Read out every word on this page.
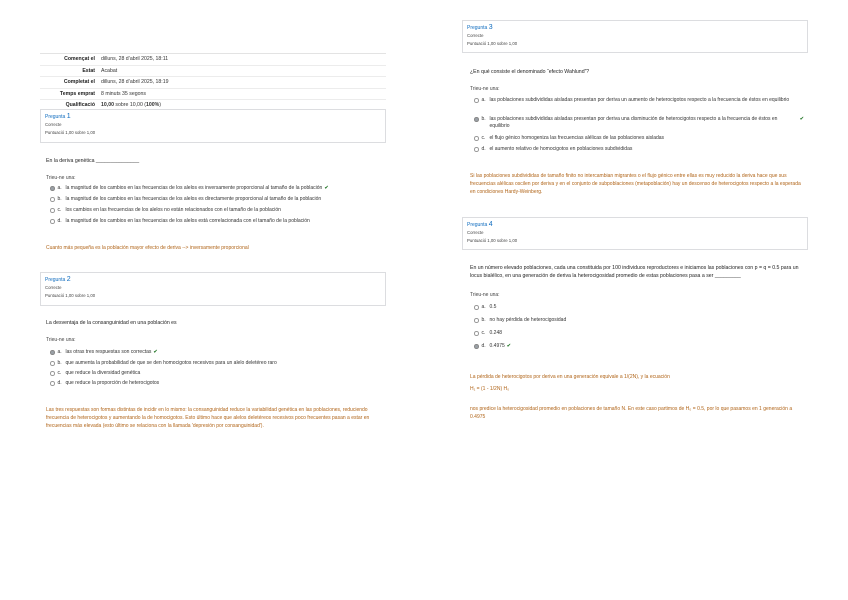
Començat el	dilluns, 28 d’abril 2025, 18:11
Estat	Acabat
Completat el	dilluns, 28 d’abril 2025, 18:19
Temps emprat	8 minuts 35 segons
Qualificació	10,00 sobre 10,00 (100%)
Pregunta 1
Correcte
Puntuació 1,00 sobre 1,00
En la deriva genètica _______________
Trieu-ne una:
a. la magnitud de los cambios en las frecuencias de los alelos es inversamente proporcional al tamaño de la población ✔
b. la magnitud de los cambios en las frecuencias de los alelos es directamente proporcional al tamaño de la población
c. los cambios en las frecuencias de los alelos no están relacionados con el tamaño de la población
d. la magnitud de los cambios en las frecuencias de los alelos está correlacionada con el tamaño de la población
Cuanto más pequeña es la población mayor efecto de deriva --> inversamente proporcional
Pregunta 2
Correcte
Puntuació 1,00 sobre 1,00
La desventaja de la consanguinidad en una población es
Trieu-ne una:
a. las otras tres respuestas son correctas ✔
b. que aumenta la probabilidad de que se den homocigotos recesivos para un alelo deletéreo raro
c. que reduce la diversidad genética
d. que reduce la proporción de heterocigotos
Las tres respuestas son formas distintas de incidir en lo mismo: la consanguinidad reduce la variabilidad genética en las poblaciones, reduciendo frecuencia de heterocigotos y aumentando la de homocigotos. Esto último hace que alelos deletéreos recesivos poco frecuentes pasan a estar en frecuencias más elevada (esto último se relaciona con la llamada 'depresión por consanguinidad').
Pregunta 3
Correcte
Puntuació 1,00 sobre 1,00
¿En qué consiste el denominado “efecto Wahlund”?
Trieu-ne una:
a. las poblaciones subdivididas aisladas presentan por deriva un aumento de heterocigotos respecto a la frecuencia de éstos en equilibrio
b. las poblaciones subdivididas aisladas presentan por deriva una disminución de heterocigotos respecto a la frecuencia de éstos en equilibrio
✔
c. el flujo génico homogeniza las frecuencias alélicas de las poblaciones aisladas
d. el aumento relativo de homocigotos en poblaciones subdivididas
Si las poblaciones subdivididas de tamaño finito no intercambian migrantes o el flujo génico entre ellas es muy reducido la deriva hace que sus frecuencias alélicas oscilen por deriva y en el conjunto de subpoblaciones (metapoblación) hay un descenso de heterocigotos respecto a la esperada en condiciones Hardy-Weinberg.
Pregunta 4
Correcte
Puntuació 1,00 sobre 1,00
En un número elevado poblaciones, cada una constituida por 100 individuos reproductores e iniciamos las poblaciones con p = q = 0.5 para un locus bialélico, en una generación de deriva la heterocigosidad promedio de estas poblaciones pasa a ser _________
Trieu-ne una:
a. 0.5
b. no hay pérdida de heterocigosidad
c. 0.248
d. 0.4975 ✔
La pérdida de heterocigotos por deriva en una generación equivale a 1/(2N), y la ecuación
H₁ = (1 - 1/2N) H₀
nos predice la heterocigosidad promedio en poblaciones de tamaño N. En este caso partimos de H₀ = 0.5, por lo que pasamos en 1 generación a 0.4975
